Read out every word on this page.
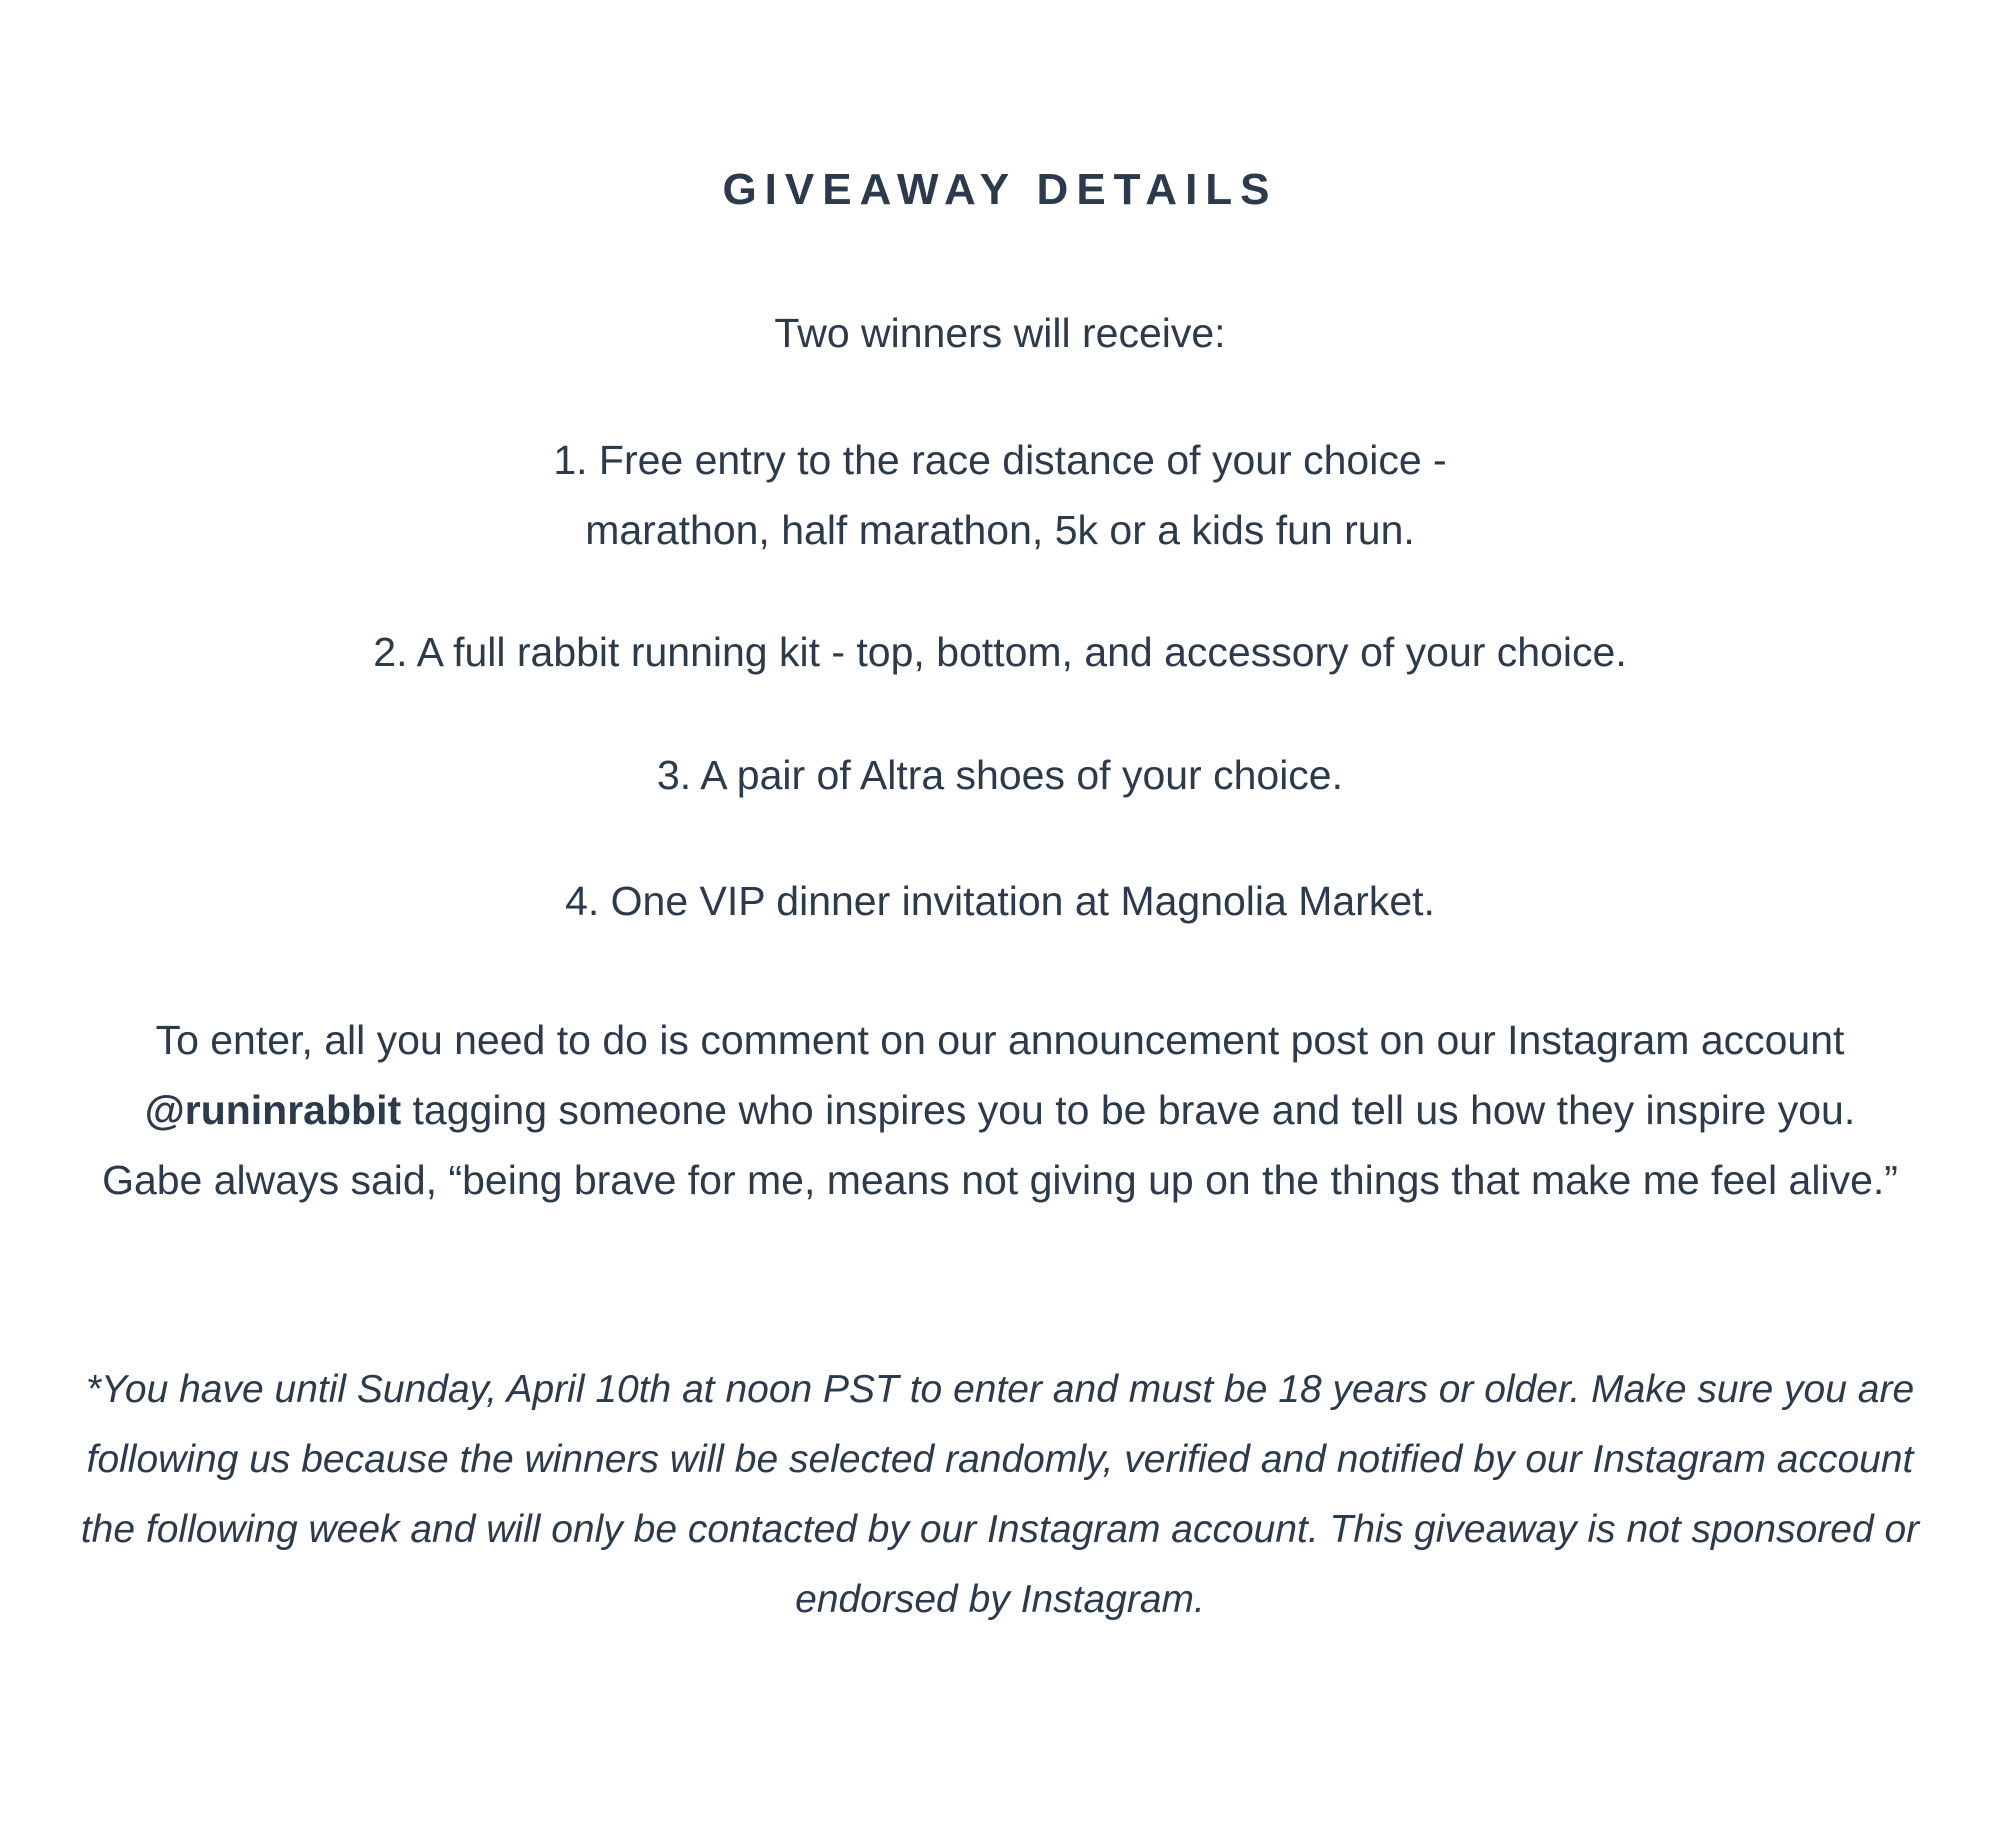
GIVEAWAY DETAILS

Two winners will receive:

1. Free entry to the race distance of your choice -
marathon, half marathon, 5k or a kids fun run.

2. A full rabbit running kit - top, bottom, and accessory of your choice.

3. A pair of Altra shoes of your choice.

4. One VIP dinner invitation at Magnolia Market.

To enter, all you need to do is comment on our announcement post on our Instagram account @runinrabbit tagging someone who inspires you to be brave and tell us how they inspire you. Gabe always said, “being brave for me, means not giving up on the things that make me feel alive.”

*You have until Sunday, April 10th at noon PST to enter and must be 18 years or older. Make sure you are following us because the winners will be selected randomly, verified and notified by our Instagram account the following week and will only be contacted by our Instagram account. This giveaway is not sponsored or endorsed by Instagram.
